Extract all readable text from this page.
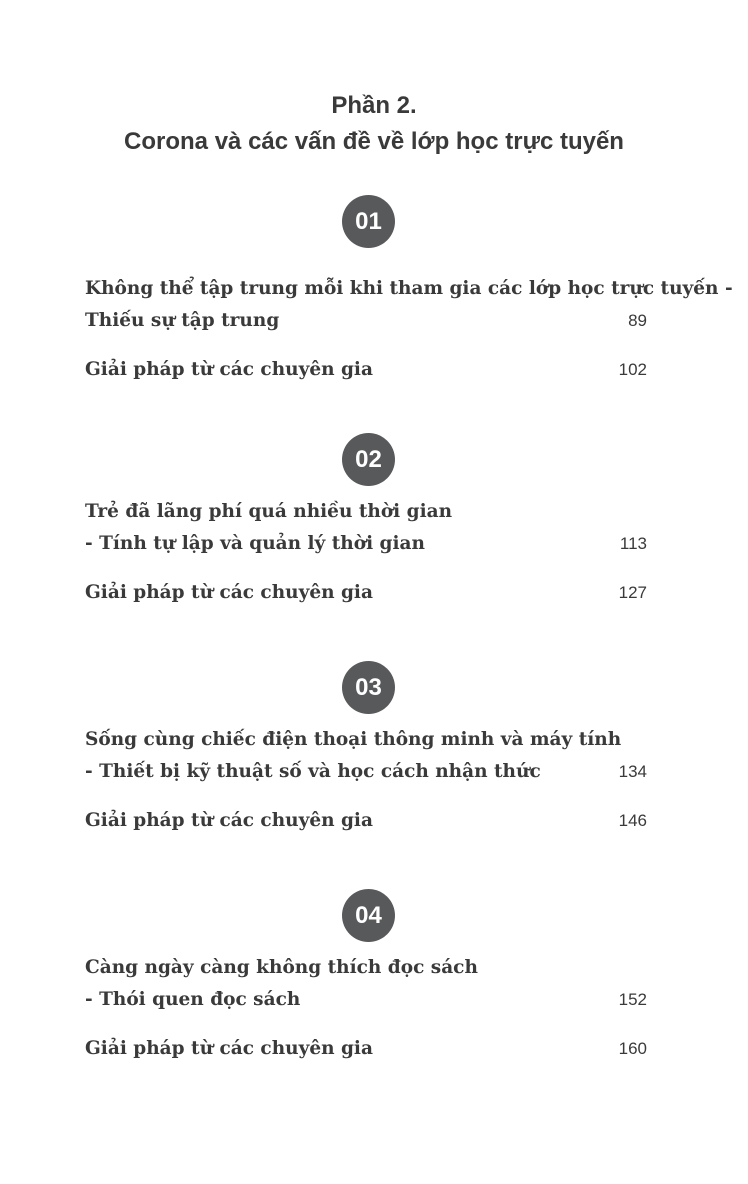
Phần 2.
Corona và các vấn đề về lớp học trực tuyến
01
Không thể tập trung mỗi khi tham gia các lớp học trực tuyến -
Thiếu sự tập trung	89
Giải pháp từ các chuyên gia	102
02
Trẻ đã lãng phí quá nhiều thời gian
- Tính tự lập và quản lý thời gian	113
Giải pháp từ các chuyên gia	127
03
Sống cùng chiếc điện thoại thông minh và máy tính
- Thiết bị kỹ thuật số và học cách nhận thức	134
Giải pháp từ các chuyên gia	146
04
Càng ngày càng không thích đọc sách
- Thói quen đọc sách	152
Giải pháp từ các chuyên gia	160
